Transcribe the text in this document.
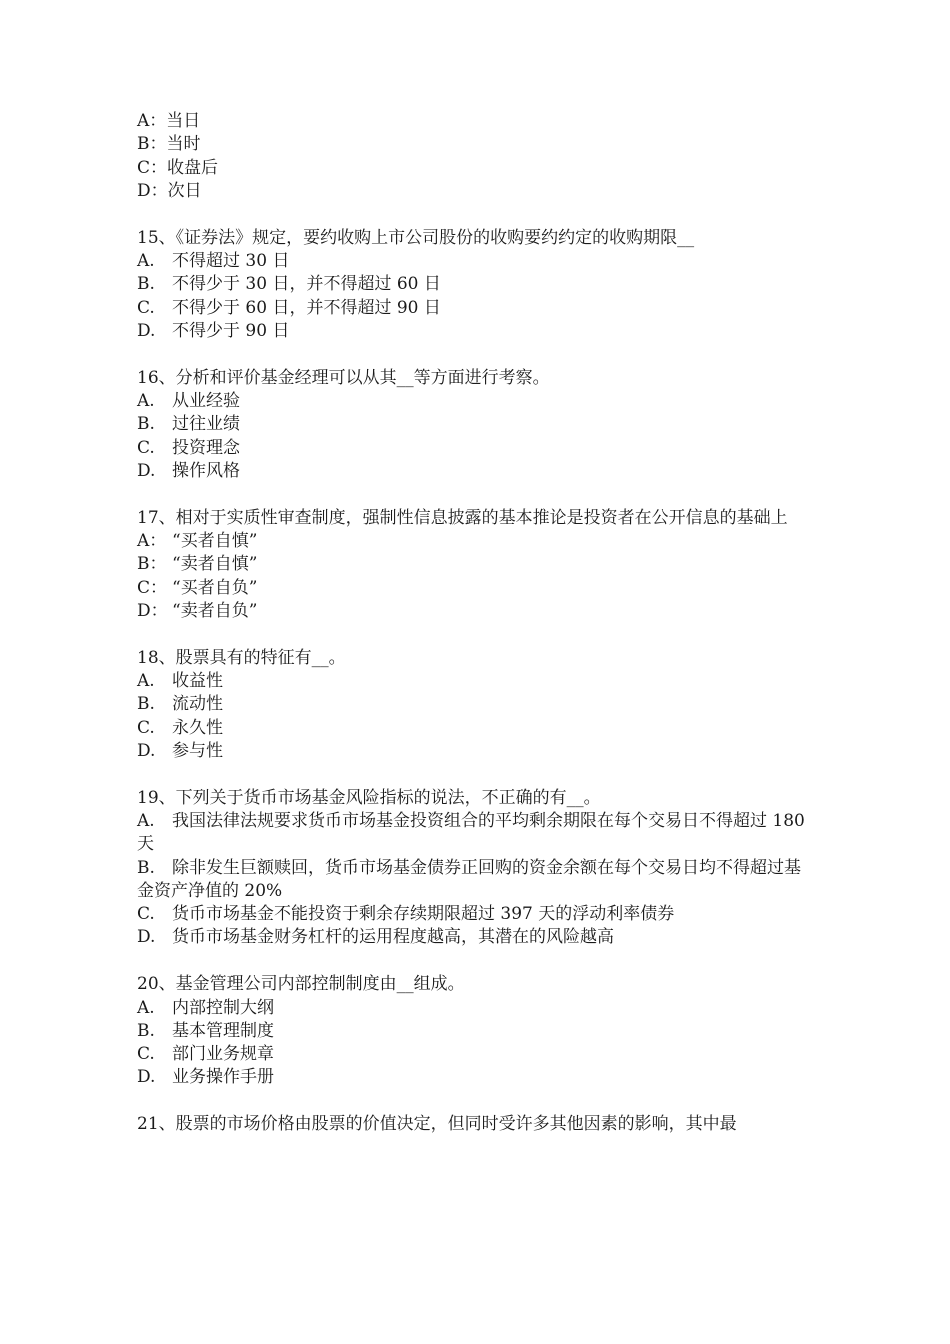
A：当日
B：当时
C：收盘后
D：次日
15、《证券法》规定，要约收购上市公司股份的收购要约约定的收购期限__
A. 不得超过 30 日
B. 不得少于 30 日，并不得超过 60 日
C. 不得少于 60 日，并不得超过 90 日
D. 不得少于 90 日
16、分析和评价基金经理可以从其__等方面进行考察。
A. 从业经验
B. 过往业绩
C. 投资理念
D. 操作风格
17、相对于实质性审查制度，强制性信息披露的基本推论是投资者在公开信息的基础上
A： “买者自慎”
B： “卖者自慎”
C： “买者自负”
D： “卖者自负”
18、股票具有的特征有__。
A. 收益性
B. 流动性
C. 永久性
D. 参与性
19、下列关于货币市场基金风险指标的说法，不正确的有__。
A. 我国法律法规要求货币市场基金投资组合的平均剩余期限在每个交易日不得超过 180 天
B. 除非发生巨额赎回，货币市场基金债券正回购的资金余额在每个交易日均不得超过基金资产净值的 20%
C. 货币市场基金不能投资于剩余存续期限超过 397 天的浮动利率债券
D. 货币市场基金财务杠杆的运用程度越高，其潜在的风险越高
20、基金管理公司内部控制制度由__组成。
A. 内部控制大纲
B. 基本管理制度
C. 部门业务规章
D. 业务操作手册
21、股票的市场价格由股票的价值决定，但同时受许多其他因素的影响，其中最
